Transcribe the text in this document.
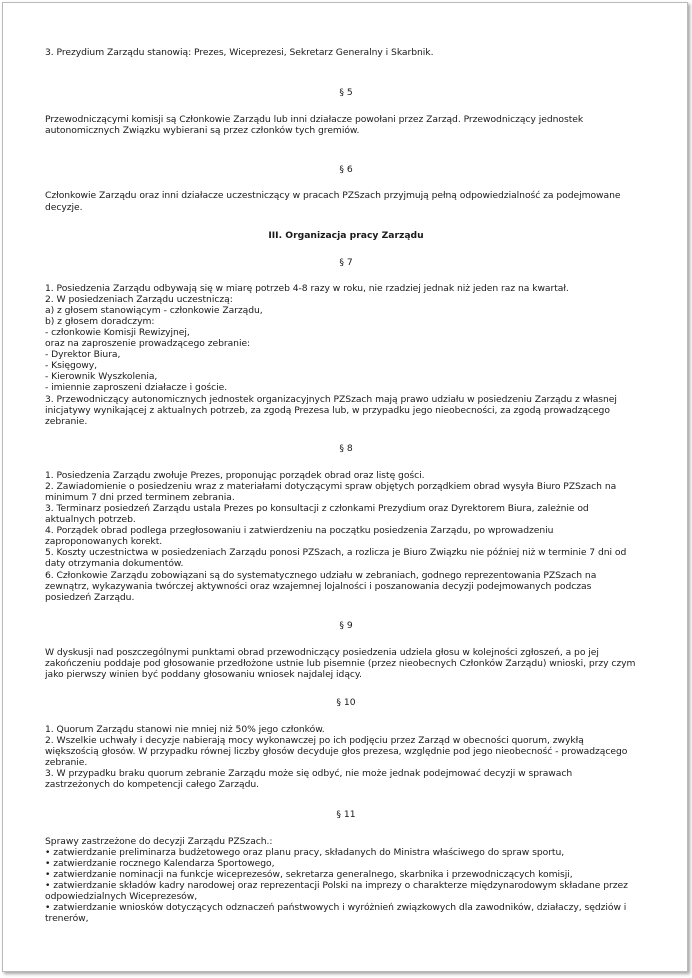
3. Prezydium Zarządu stanowią: Prezes, Wiceprezesi, Sekretarz Generalny i Skarbnik.
§ 5
Przewodniczącymi komisji są Członkowie Zarządu lub inni działacze powołani przez Zarząd. Przewodniczący jednostek
autonomicznych Związku wybierani są przez członków tych gremiów.
§ 6
Członkowie Zarządu oraz inni działacze uczestniczący w pracach PZSzach przyjmują pełną odpowiedzialność za podejmowane
decyzje.
III. Organizacja pracy Zarządu
§ 7
1. Posiedzenia Zarządu odbywają się w miarę potrzeb 4-8 razy w roku, nie rzadziej jednak niż jeden raz na kwartał.
2. W posiedzeniach Zarządu uczestniczą:
a) z głosem stanowiącym - członkowie Zarządu,
b) z głosem doradczym:
- członkowie Komisji Rewizyjnej,
oraz na zaproszenie prowadzącego zebranie:
- Dyrektor Biura,
- Księgowy,
- Kierownik Wyszkolenia,
- imiennie zaproszeni działacze i goście.
3. Przewodniczący autonomicznych jednostek organizacyjnych PZSzach mają prawo udziału w posiedzeniu Zarządu z własnej
inicjatywy wynikającej z aktualnych potrzeb, za zgodą Prezesa lub, w przypadku jego nieobecności, za zgodą prowadzącego
zebranie.
§ 8
1. Posiedzenia Zarządu zwołuje Prezes, proponując porządek obrad oraz listę gości.
2. Zawiadomienie o posiedzeniu wraz z materiałami dotyczącymi spraw objętych porządkiem obrad wysyła Biuro PZSzach na
minimum 7 dni przed terminem zebrania.
3. Terminarz posiedzeń Zarządu ustala Prezes po konsultacji z członkami Prezydium oraz Dyrektorem Biura, zależnie od
aktualnych potrzeb.
4. Porządek obrad podlega przegłosowaniu i zatwierdzeniu na początku posiedzenia Zarządu, po wprowadzeniu
zaproponowanych korekt.
5. Koszty uczestnictwa w posiedzeniach Zarządu ponosi PZSzach, a rozlicza je Biuro Związku nie później niż w terminie 7 dni od
daty otrzymania dokumentów.
6. Członkowie Zarządu zobowiązani są do systematycznego udziału w zebraniach, godnego reprezentowania PZSzach na
zewnątrz, wykazywania twórczej aktywności oraz wzajemnej lojalności i poszanowania decyzji podejmowanych podczas
posiedzeń Zarządu.
§ 9
W dyskusji nad poszczególnymi punktami obrad przewodniczący posiedzenia udziela głosu w kolejności zgłoszeń, a po jej
zakończeniu poddaje pod głosowanie przedłożone ustnie lub pisemnie (przez nieobecnych Członków Zarządu) wnioski, przy czym
jako pierwszy winien być poddany głosowaniu wniosek najdalej idący.
§ 10
1. Quorum Zarządu stanowi nie mniej niż 50% jego członków.
2. Wszelkie uchwały i decyzje nabierają mocy wykonawczej po ich podjęciu przez Zarząd w obecności quorum, zwykłą
większością głosów. W przypadku równej liczby głosów decyduje głos prezesa, względnie pod jego nieobecność - prowadzącego
zebranie.
3. W przypadku braku quorum zebranie Zarządu może się odbyć, nie może jednak podejmować decyzji w sprawach
zastrzeżonych do kompetencji całego Zarządu.
§ 11
Sprawy zastrzeżone do decyzji Zarządu PZSzach.:
• zatwierdzanie preliminarza budżetowego oraz planu pracy, składanych do Ministra właściwego do spraw sportu,
• zatwierdzanie rocznego Kalendarza Sportowego,
• zatwierdzanie nominacji na funkcje wiceprezesów, sekretarza generalnego, skarbnika i przewodniczących komisji,
• zatwierdzanie składów kadry narodowej oraz reprezentacji Polski na imprezy o charakterze międzynarodowym składane przez
odpowiedzialnych Wiceprezesów,
• zatwierdzanie wniosków dotyczących odznaczeń państwowych i wyróżnień związkowych dla zawodników, działaczy, sędziów i
trenerów,
